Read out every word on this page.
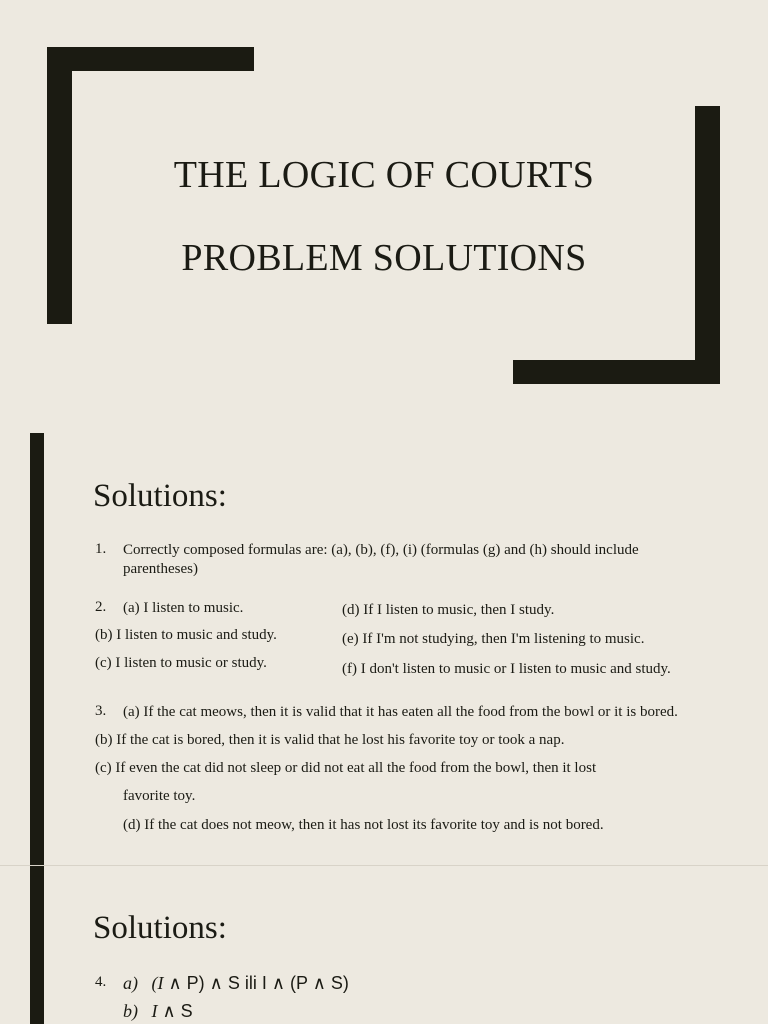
THE LOGIC OF COURTS
PROBLEM SOLUTIONS
Solutions:
1. Correctly composed formulas are: (a), (b), (f), (i) (formulas (g) and (h) should include
parentheses)
2. (a) I listen to music.
(b) I listen to music and study.
(c) I listen to music or study.
(d) If I listen to music, then I study.
(e) If I'm not studying, then I'm listening to music.
(f) I don't listen to music or I listen to music and study.
3. (a) If the cat meows, then it is valid that it has eaten all the food from the bowl or it is bored.
(b) If the cat is bored, then it is valid that he lost his favorite toy or took a nap.
(c) If even the cat did not sleep or did not eat all the food from the bowl, then it lost
favorite toy.
(d) If the cat does not meow, then it has not lost its favorite toy and is not bored.
Solutions:
4. a) (I ∧ P) ∧ S ili I ∧ (P ∧ S)
b) I ∧ S
